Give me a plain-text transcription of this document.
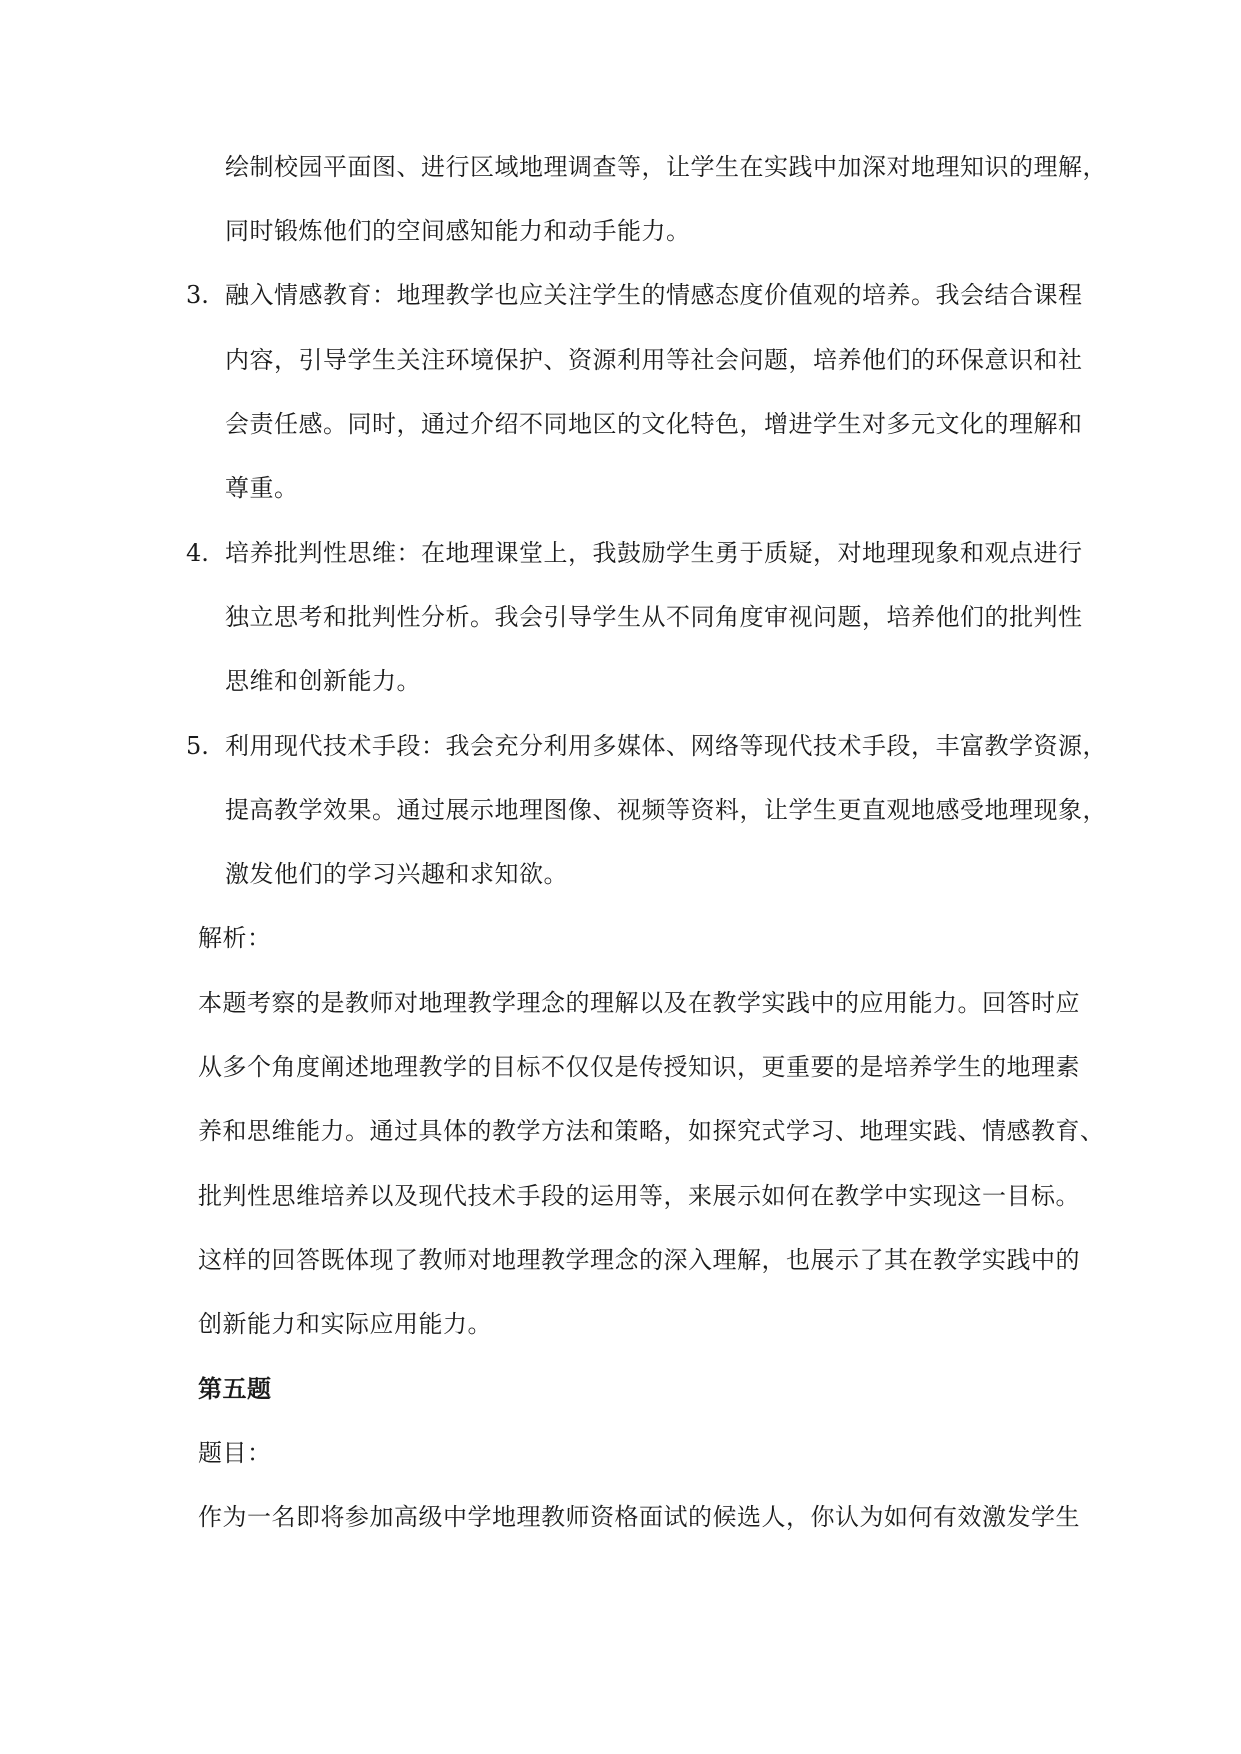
绘制校园平面图、进行区域地理调查等，让学生在实践中加深对地理知识的理解，
同时锻炼他们的空间感知能力和动手能力。
3. 融入情感教育：地理教学也应关注学生的情感态度价值观的培养。我会结合课程
内容，引导学生关注环境保护、资源利用等社会问题，培养他们的环保意识和社
会责任感。同时，通过介绍不同地区的文化特色，增进学生对多元文化的理解和
尊重。
4. 培养批判性思维：在地理课堂上，我鼓励学生勇于质疑，对地理现象和观点进行
独立思考和批判性分析。我会引导学生从不同角度审视问题，培养他们的批判性
思维和创新能力。
5. 利用现代技术手段：我会充分利用多媒体、网络等现代技术手段，丰富教学资源，
提高教学效果。通过展示地理图像、视频等资料，让学生更直观地感受地理现象，
激发他们的学习兴趣和求知欲。
解析：
本题考察的是教师对地理教学理念的理解以及在教学实践中的应用能力。回答时应
从多个角度阐述地理教学的目标不仅仅是传授知识，更重要的是培养学生的地理素
养和思维能力。通过具体的教学方法和策略，如探究式学习、地理实践、情感教育、
批判性思维培养以及现代技术手段的运用等，来展示如何在教学中实现这一目标。
这样的回答既体现了教师对地理教学理念的深入理解，也展示了其在教学实践中的
创新能力和实际应用能力。
第五题
题目：
作为一名即将参加高级中学地理教师资格面试的候选人，你认为如何有效激发学生
